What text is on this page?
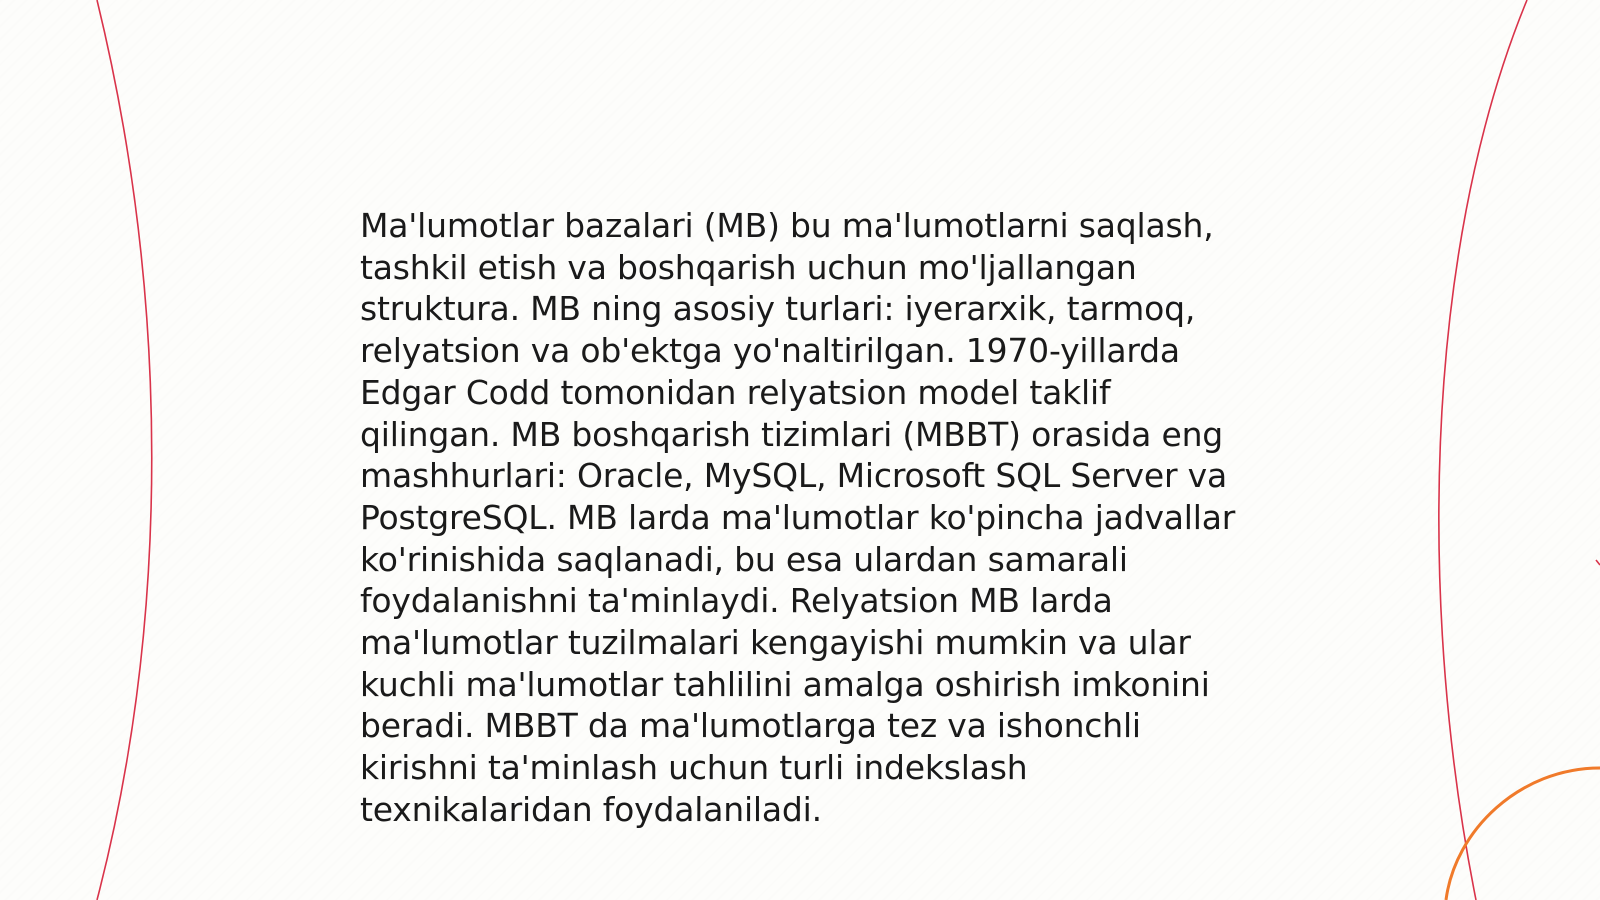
Ma'lumotlar bazalari (MB) bu ma'lumotlarni saqlash, tashkil etish va boshqarish uchun mo'ljallangan struktura. MB ning asosiy turlari: iyerarxik, tarmoq, relyatsion va ob'ektga yo'naltirilgan. 1970-yillarda Edgar Codd tomonidan relyatsion model taklif qilingan. MB boshqarish tizimlari (MBBT) orasida eng mashhurlari: Oracle, MySQL, Microsoft SQL Server va PostgreSQL. MB larda ma'lumotlar ko'pincha jadvallar ko'rinishida saqlanadi, bu esa ulardan samarali foydalanishni ta'minlaydi. Relyatsion MB larda ma'lumotlar tuzilmalari kengayishi mumkin va ular kuchli ma'lumotlar tahlilini amalga oshirish imkonini beradi. MBBT da ma'lumotlarga tez va ishonchli kirishni ta'minlash uchun turli indekslash texnikalaridan foydalaniladi.
